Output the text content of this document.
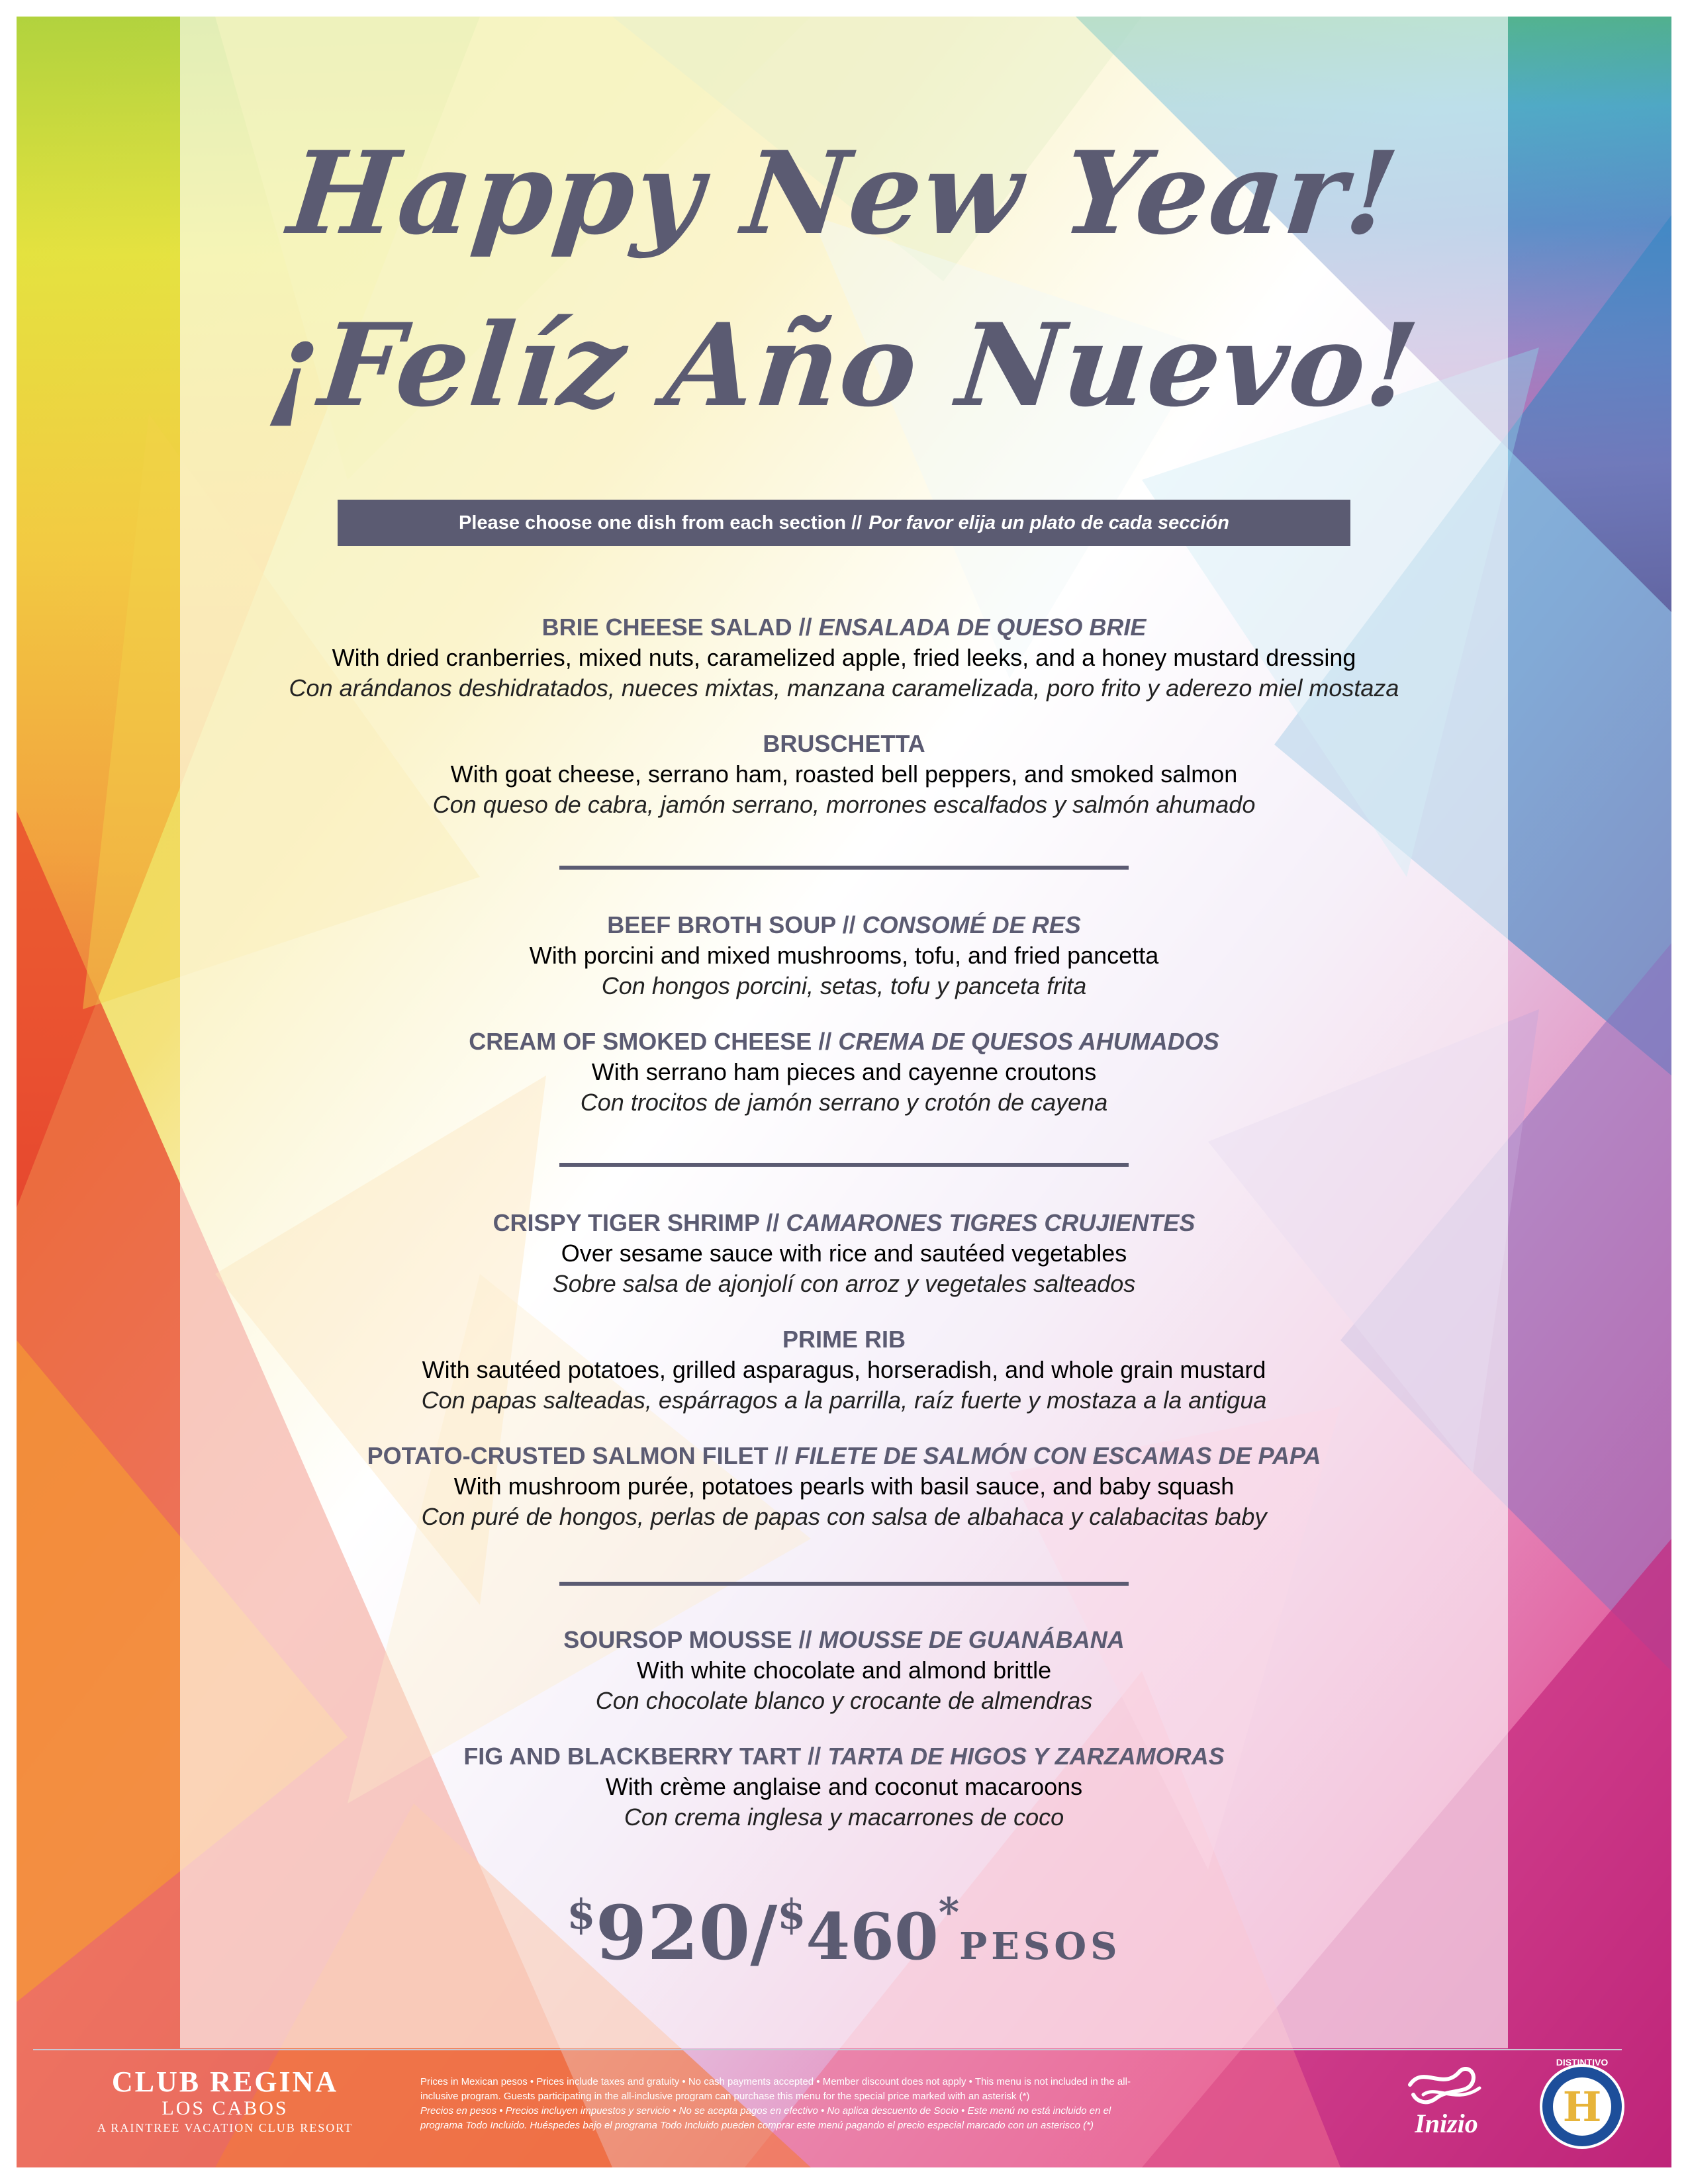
Happy New Year!
¡Felíz Año Nuevo!
Please choose one dish from each section // Por favor elija un plato de cada sección
BRIE CHEESE SALAD // ENSALADA DE QUESO BRIE
With dried cranberries, mixed nuts, caramelized apple, fried leeks, and a honey mustard dressing
Con arándanos deshidratados, nueces mixtas, manzana caramelizada, poro frito y aderezo miel mostaza
BRUSCHETTA
With goat cheese, serrano ham, roasted bell peppers, and smoked salmon
Con queso de cabra, jamón serrano, morrones escalfados y salmón ahumado
BEEF BROTH SOUP // CONSOMÉ DE RES
With porcini and mixed mushrooms, tofu, and fried pancetta
Con hongos porcini, setas, tofu y panceta frita
CREAM OF SMOKED CHEESE // CREMA DE QUESOS AHUMADOS
With serrano ham pieces and cayenne croutons
Con trocitos de jamón serrano y crotón de cayena
CRISPY TIGER SHRIMP // CAMARONES TIGRES CRUJIENTES
Over sesame sauce with rice and sautéed vegetables
Sobre salsa de ajonjolí con arroz y vegetales salteados
PRIME RIB
With sautéed potatoes, grilled asparagus, horseradish, and whole grain mustard
Con papas salteadas, espárragos a la parrilla, raíz fuerte y mostaza a la antigua
POTATO-CRUSTED SALMON FILET // FILETE DE SALMÓN CON ESCAMAS DE PAPA
With mushroom purée, potatoes pearls with basil sauce, and baby squash
Con puré de hongos, perlas de papas con salsa de albahaca y calabacitas baby
SOURSOP MOUSSE // MOUSSE DE GUANÁBANA
With white chocolate and almond brittle
Con chocolate blanco y crocante de almendras
FIG AND BLACKBERRY TART // TARTA DE HIGOS Y ZARZAMORAS
With crème anglaise and coconut macaroons
Con crema inglesa y macarrones de coco
$920/$460*PESOS
CLUB REGINA
LOS CABOS
A RAINTREE VACATION CLUB RESORT
Prices in Mexican pesos • Prices include taxes and gratuity • No cash payments accepted • Member discount does not apply • This menu is not included in the all-inclusive program. Guests participating in the all-inclusive program can purchase this menu for the special price marked with an asterisk (*)
Precios en pesos • Precios incluyen impuestos y servicio • No se acepta pagos en efectivo • No aplica descuento de Socio • Este menú no está incluido en el programa Todo Incluido. Huéspedes bajo el programa Todo Incluido pueden comprar este menú pagando el precio especial marcado con un asterisco (*)	Inizio H
DISTINTIVO
